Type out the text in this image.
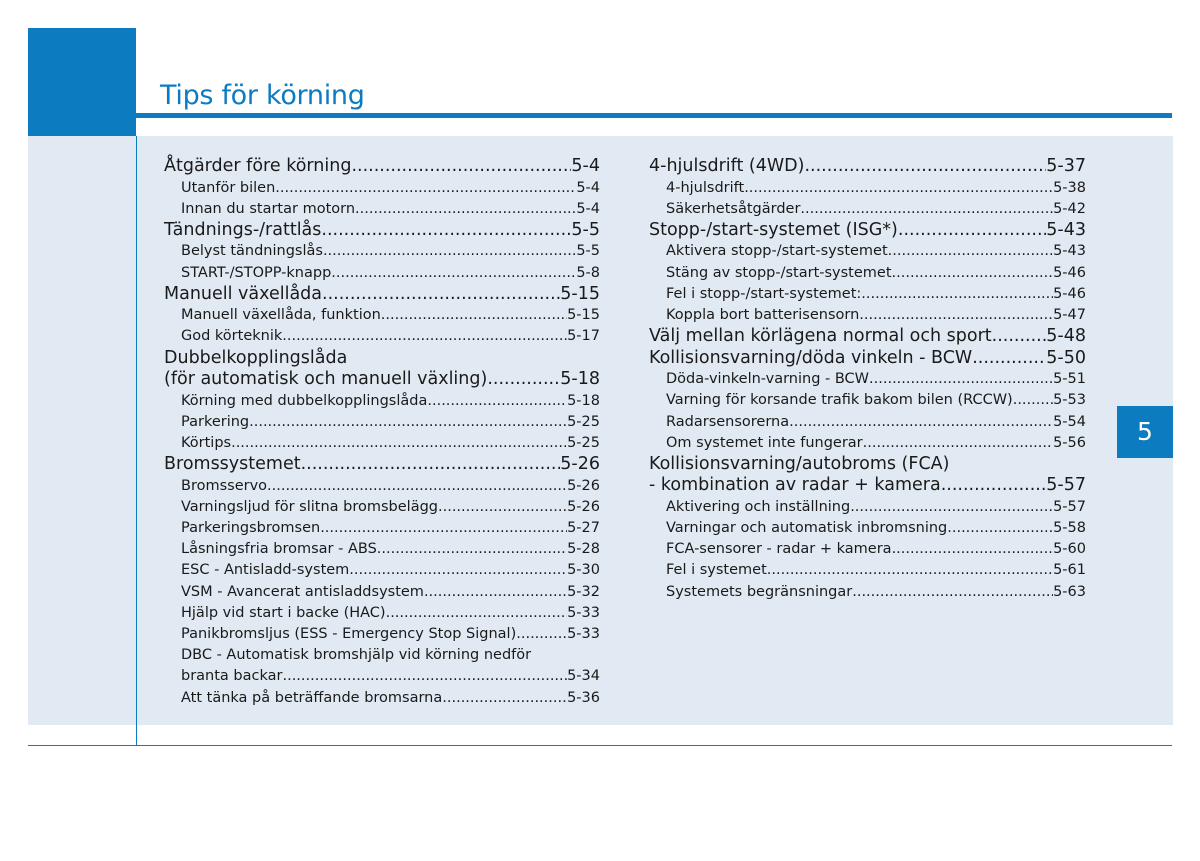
Tips för körning
5
Åtgärder före körning .....	5-4
Utanför bilen .....	5-4
Innan du startar motorn .....	5-4
Tändnings-/rattlås .....	5-5
Belyst tändningslås .....	5-5
START-/STOPP-knapp .....	5-8
Manuell växellåda .....	5-15
Manuell växellåda, funktion .....	5-15
God körteknik .....	5-17
Dubbelkopplingslåda
(för automatisk och manuell växling) .....	5-18
Körning med dubbelkopplingslåda .....	5-18
Parkering .....	5-25
Körtips .....	5-25
Bromssystemet .....	5-26
Bromsservo .....	5-26
Varningsljud för slitna bromsbelägg .....	5-26
Parkeringsbromsen .....	5-27
Låsningsfria bromsar - ABS .....	5-28
ESC - Antisladd-system .....	5-30
VSM - Avancerat antisladdsystem .....	5-32
Hjälp vid start i backe (HAC) .....	5-33
Panikbromsljus (ESS - Emergency Stop Signal) .....	5-33
DBC - Automatisk bromshjälp vid körning nedför
branta backar .....	5-34
Att tänka på beträffande bromsarna .....	5-36
4-hjulsdrift (4WD) .....	5-37
4-hjulsdrift .....	5-38
Säkerhetsåtgärder .....	5-42
Stopp-/start-systemet (ISG*) .....	5-43
Aktivera stopp-/start-systemet .....	5-43
Stäng av stopp-/start-systemet .....	5-46
Fel i stopp-/start-systemet: .....	5-46
Koppla bort batterisensorn .....	5-47
Välj mellan körlägena normal och sport .....	5-48
Kollisionsvarning/döda vinkeln - BCW .....	5-50
Döda-vinkeln-varning - BCW .....	5-51
Varning för korsande trafik bakom bilen (RCCW) .....	5-53
Radarsensorerna .....	5-54
Om systemet inte fungerar .....	5-56
Kollisionsvarning/autobroms (FCA)
- kombination av radar + kamera .....	5-57
Aktivering och inställning .....	5-57
Varningar och automatisk inbromsning .....	5-58
FCA-sensorer - radar + kamera .....	5-60
Fel i systemet .....	5-61
Systemets begränsningar .....	5-63
